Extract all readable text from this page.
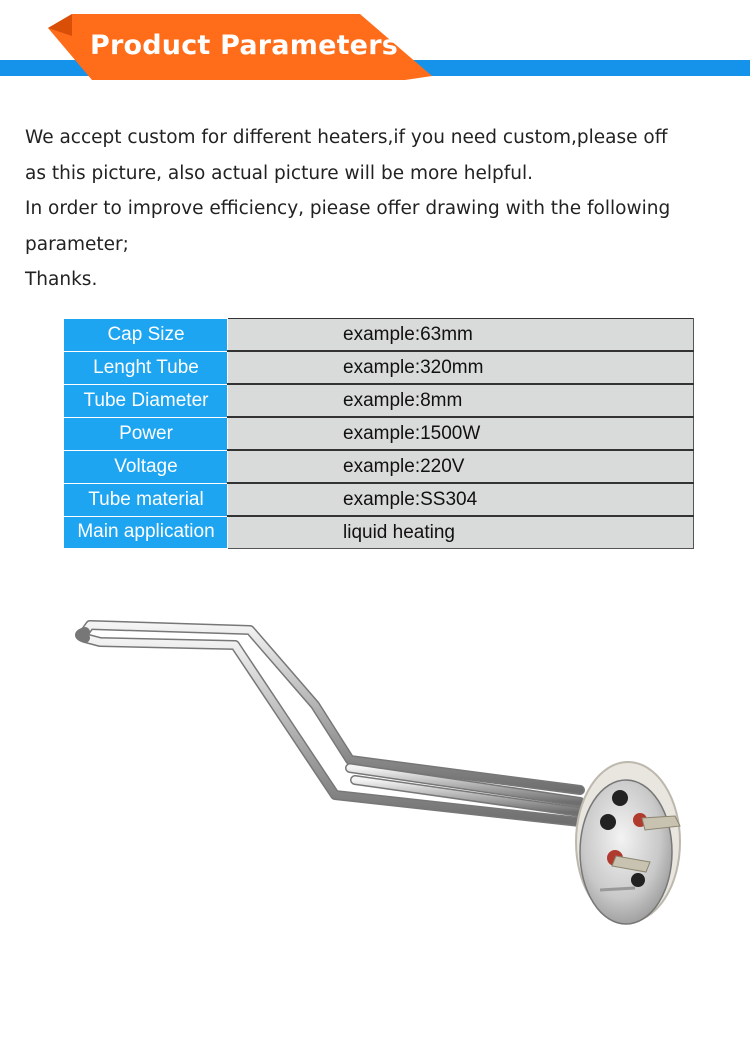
Product Parameters

We accept custom for different heaters,if you need custom,please off

as this picture, also actual picture will be more helpful.

In order to improve efficiency, piease offer drawing with the following

parameter;

Thanks.

Cap Size	example:63mm
Lenght Tube	example:320mm
Tube Diameter	example:8mm
Power	example:1500W
Voltage	example:220V
Tube material	example:SS304
Main application	liquid heating
